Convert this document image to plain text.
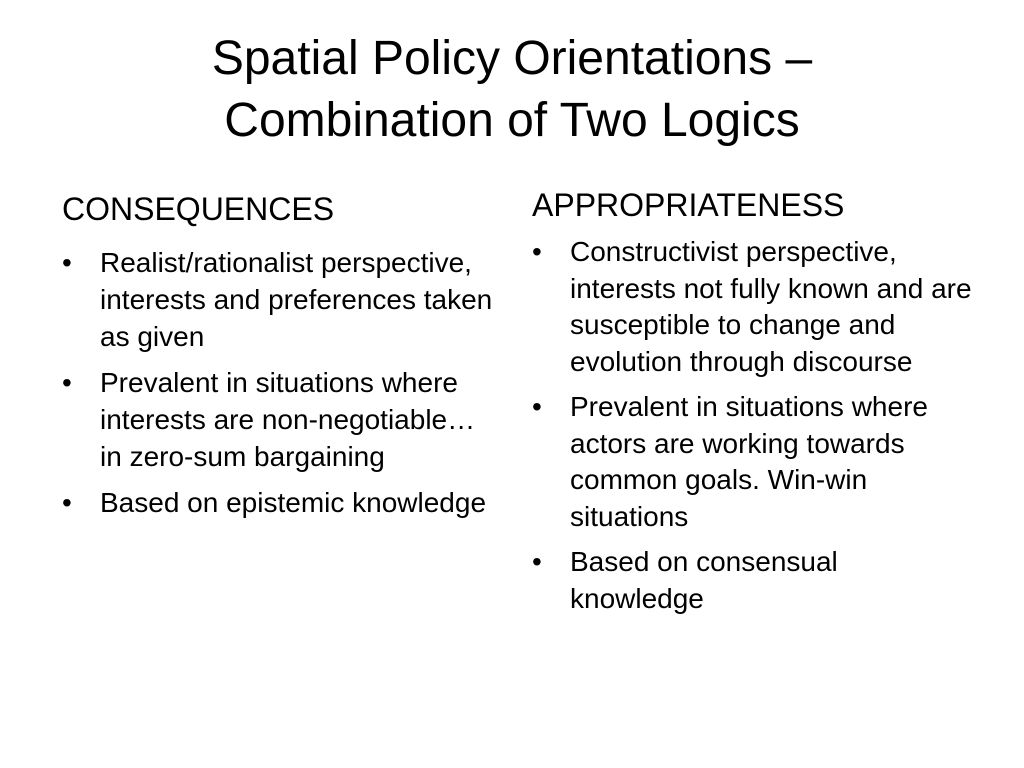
Spatial Policy Orientations –
Combination of Two Logics
CONSEQUENCES
•	Realist/rationalist perspective, interests and preferences taken as given
•	Prevalent in situations where interests are non-negotiable… in zero-sum bargaining
•	Based on epistemic knowledge
APPROPRIATENESS
•	Constructivist perspective, interests not fully known and are susceptible to change and evolution through discourse
•	Prevalent in situations where actors are working towards common goals. Win-win situations
•	Based on consensual knowledge
